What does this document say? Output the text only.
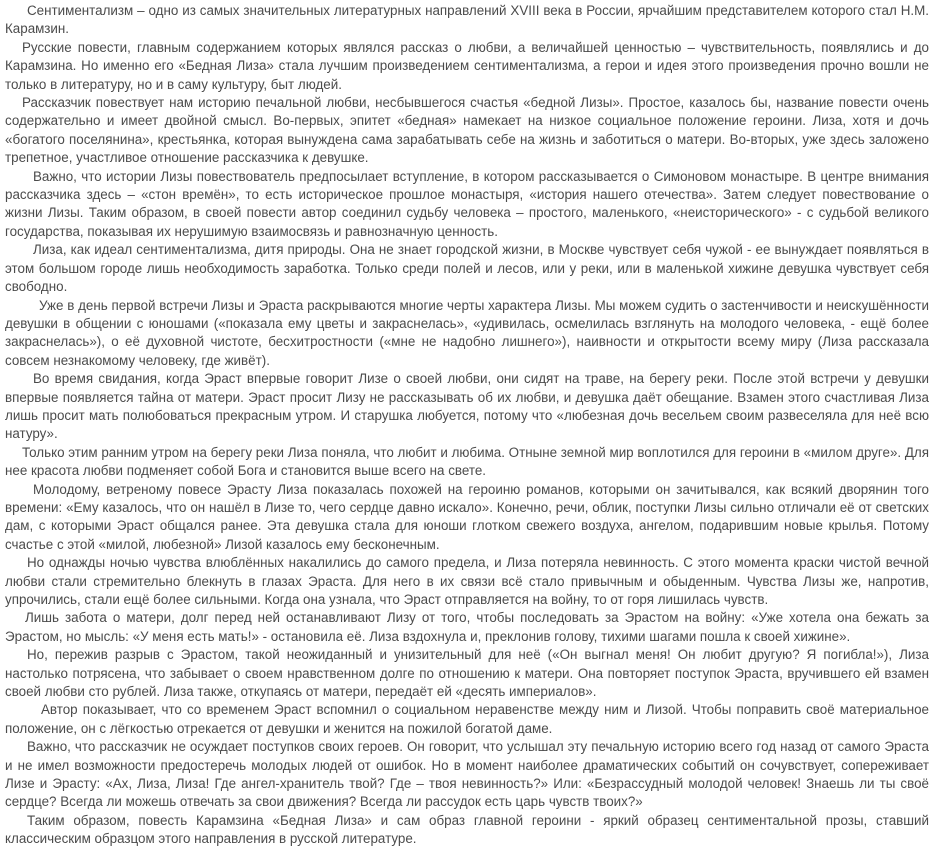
Сентиментализм – одно из самых значительных литературных направлений XVIII века в России, ярчайшим представителем которого стал Н.М. Карамзин.

Русские повести, главным содержанием которых являлся рассказ о любви, а величайшей ценностью – чувствительность, появлялись и до Карамзина. Но именно его «Бедная Лиза» стала лучшим произведением сентиментализма, а герои и идея этого произведения прочно вошли не только в литературу, но и в саму культуру, быт людей.

Рассказчик повествует нам историю печальной любви, несбывшегося счастья «бедной Лизы». Простое, казалось бы, название повести очень содержательно и имеет двойной смысл. Во-первых, эпитет «бедная» намекает на низкое социальное положение героини. Лиза, хотя и дочь «богатого поселянина», крестьянка, которая вынуждена сама зарабатывать себе на жизнь и заботиться о матери. Во-вторых, уже здесь заложено трепетное, участливое отношение рассказчика к девушке.

Важно, что истории Лизы повествователь предпосылает вступление, в котором рассказывается о Симоновом монастыре. В центре внимания рассказчика здесь – «стон времён», то есть историческое прошлое монастыря, «история нашего отечества». Затем следует повествование о жизни Лизы. Таким образом, в своей повести автор соединил судьбу человека – простого, маленького, «неисторического» - с судьбой великого государства, показывая их нерушимую взаимосвязь и равнозначную ценность.

Лиза, как идеал сентиментализма, дитя природы. Она не знает городской жизни, в Москве чувствует себя чужой - ее вынуждает появляться в этом большом городе лишь необходимость заработка. Только среди полей и лесов, или у реки, или в маленькой хижине девушка чувствует себя свободно.

Уже в день первой встречи Лизы и Эраста раскрываются многие черты характера Лизы. Мы можем судить о застенчивости и неискушённости девушки в общении с юношами («показала ему цветы и закраснелась», «удивилась, осмелилась взглянуть на молодого человека, - ещё более закраснелась»), о её духовной чистоте, бесхитростности («мне не надобно лишнего»), наивности и открытости всему миру (Лиза рассказала совсем незнакомому человеку, где живёт).

Во время свидания, когда Эраст впервые говорит Лизе о своей любви, они сидят на траве, на берегу реки. После этой встречи у девушки впервые появляется тайна от матери. Эраст просит Лизу не рассказывать об их любви, и девушка даёт обещание. Взамен этого счастливая Лиза лишь просит мать полюбоваться прекрасным утром. И старушка любуется, потому что «любезная дочь весельем своим развеселяла для неё всю натуру».

Только этим ранним утром на берегу реки Лиза поняла, что любит и любима. Отныне земной мир воплотился для героини в «милом друге». Для нее красота любви подменяет собой Бога и становится выше всего на свете.

Молодому, ветреному повесе Эрасту Лиза показалась похожей на героиню романов, которыми он зачитывался, как всякий дворянин того времени: «Ему казалось, что он нашёл в Лизе то, чего сердце давно искало». Конечно, речи, облик, поступки Лизы сильно отличали её от светских дам, с которыми Эраст общался ранее. Эта девушка стала для юноши глотком свежего воздуха, ангелом, подарившим новые крылья. Потому счастье с этой «милой, любезной» Лизой казалось ему бесконечным.

Но однажды ночью чувства влюблённых накалились до самого предела, и Лиза потеряла невинность. С этого момента краски чистой вечной любви стали стремительно блекнуть в глазах Эраста. Для него в их связи всё стало привычным и обыденным. Чувства Лизы же, напротив, упрочились, стали ещё более сильными. Когда она узнала, что Эраст отправляется на войну, то от горя лишилась чувств.

Лишь забота о матери, долг перед ней останавливают Лизу от того, чтобы последовать за Эрастом на войну: «Уже хотела она бежать за Эрастом, но мысль: «У меня есть мать!» - остановила её. Лиза вздохнула и, преклонив голову, тихими шагами пошла к своей хижине».

Но, пережив разрыв с Эрастом, такой неожиданный и унизительный для неё («Он выгнал меня! Он любит другую? Я погибла!»), Лиза настолько потрясена, что забывает о своем нравственном долге по отношению к матери. Она повторяет поступок Эраста, вручившего ей взамен своей любви сто рублей. Лиза также, откупаясь от матери, передаёт ей «десять империалов».

Автор показывает, что со временем Эраст вспомнил о социальном неравенстве между ним и Лизой. Чтобы поправить своё материальное положение, он с лёгкостью отрекается от девушки и женится на пожилой богатой даме.

Важно, что рассказчик не осуждает поступков своих героев. Он говорит, что услышал эту печальную историю всего год назад от самого Эраста и не имел возможности предостеречь молодых людей от ошибок. Но в момент наиболее драматических событий он сочувствует, сопереживает Лизе и Эрасту: «Ах, Лиза, Лиза! Где ангел-хранитель твой? Где – твоя невинность?» Или: «Безрассудный молодой человек! Знаешь ли ты своё сердце? Всегда ли можешь отвечать за свои движения? Всегда ли рассудок есть царь чувств твоих?»

Таким образом, повесть Карамзина «Бедная Лиза» и сам образ главной героини - яркий образец сентиментальной прозы, ставший классическим образцом этого направления в русской литературе.
